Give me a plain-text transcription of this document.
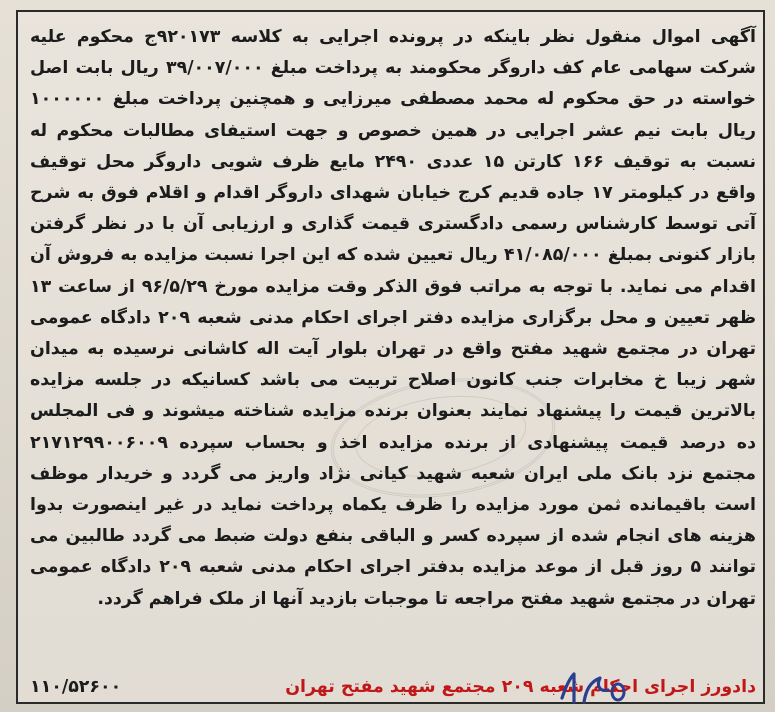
آگهی اموال منقول نظر باینکه در پرونده اجرایی به کلاسه ۹۲۰۱۷۳ج محکوم علیه شرکت سهامی عام کف داروگر محکومند به پرداخت مبلغ ۳۹/۰۰۷/۰۰۰ ریال بابت اصل خواسته در حق محکوم له محمد مصطفی میرزایی و همچنین پرداخت مبلغ ۱۰۰۰۰۰۰ ریال بابت نیم عشر اجرایی در همین خصوص و جهت استیفای مطالبات محکوم له نسبت به توقیف ۱۶۶ کارتن ۱۵ عددی ۲۴۹۰ مایع ظرف شویی داروگر محل توقیف واقع در کیلومتر ۱۷ جاده قدیم کرج خیابان شهدای داروگر اقدام و اقلام فوق به شرح آتی توسط کارشناس رسمی دادگستری قیمت گذاری و ارزیابی آن با در نظر گرفتن بازار کنونی بمبلغ ۴۱/۰۸۵/۰۰۰ ریال تعیین شده که این اجرا نسبت مزایده به فروش آن اقدام می نماید. با توجه به مراتب فوق الذکر وقت مزایده مورخ ۹۶/۵/۲۹ از ساعت ۱۳ ظهر تعیین و محل برگزاری مزایده دفتر اجرای احکام مدنی شعبه ۲۰۹ دادگاه عمومی تهران در مجتمع شهید مفتح واقع در تهران بلوار آیت اله کاشانی نرسیده به میدان شهر زیبا خ مخابرات جنب کانون اصلاح تربیت می باشد کسانیکه در جلسه مزایده بالاترین قیمت را پیشنهاد نمایند بعنوان برنده مزایده شناخته میشوند و فی المجلس ده درصد قیمت پیشنهادی از برنده مزایده اخذ و بحساب سپرده ۲۱۷۱۲۹۹۰۰۶۰۰۹ مجتمع نزد بانک ملی ایران شعبه شهید کیانی نژاد واریز می گردد و خریدار موظف است باقیمانده ثمن مورد مزایده را ظرف یکماه پرداخت نماید در غیر اینصورت بدوا هزینه های انجام شده از سپرده کسر و الباقی بنفع دولت ضبط می گردد طالبین می توانند ۵ روز قبل از موعد مزایده بدفتر اجرای احکام مدنی شعبه ۲۰۹ دادگاه عمومی تهران در مجتمع شهید مفتح مراجعه تا موجبات بازدید آنها از ملک فراهم گردد.

دادورز اجرای احکام شعبه ۲۰۹ مجتمع شهید مفتح تهران
۱۱۰/۵۲۶۰۰
